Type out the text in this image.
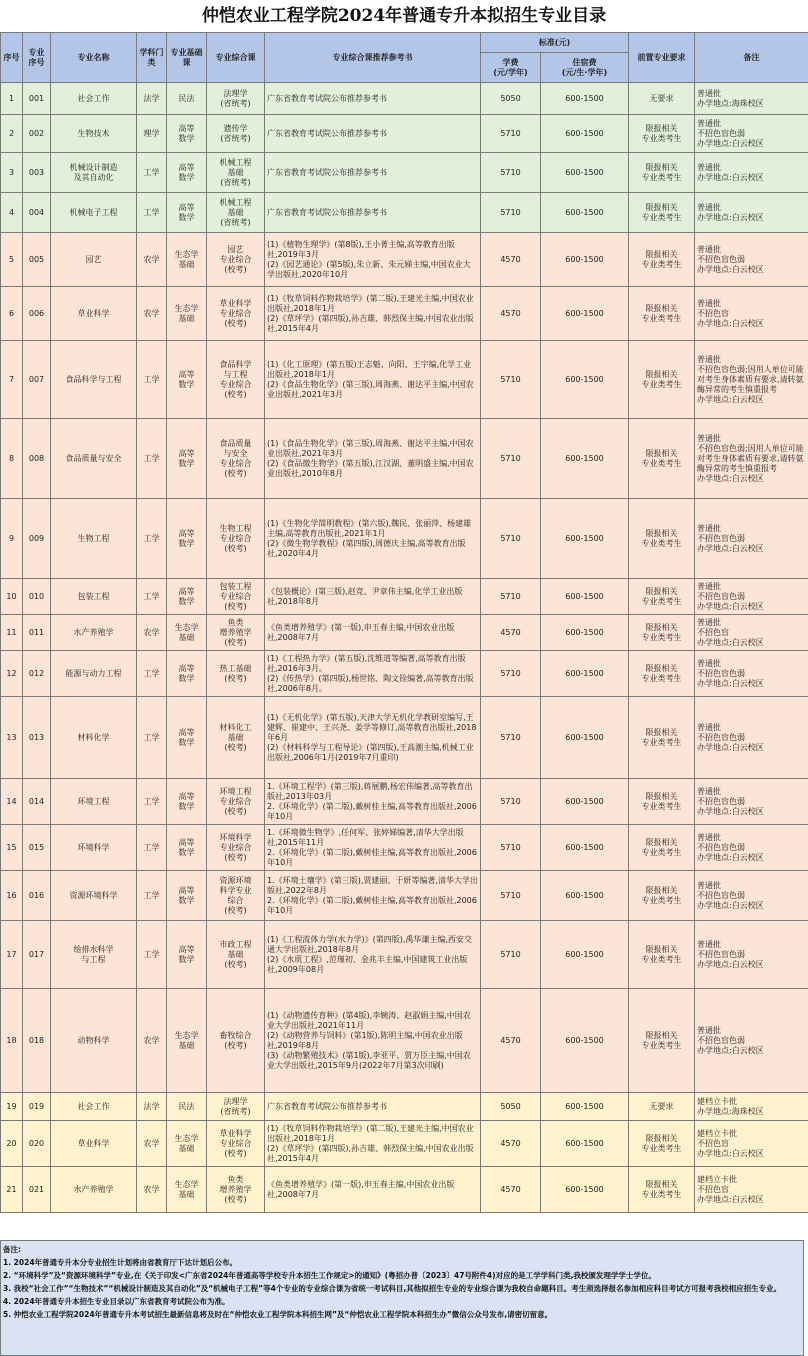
仲恺农业工程学院2024年普通专升本拟招生专业目录
序号	专业序号	专业名称	学科门类	专业基础课	专业综合课	专业综合课推荐参考书	标准(元)		前置专业要求	备注
							学费
(元/学年)	住宿费
(元/生·学年)		
1	001	社会工作	法学	民法	法理学
(省统考)	广东省教育考试院公布推荐参考书	5050	600-1500	无要求	普通批
办学地点:海珠校区
2	002	生物技术	理学	高等
数学	遗传学
(省统考)	广东省教育考试院公布推荐参考书	5710	600-1500	限报相关
专业类考生	普通批
不招色盲色弱
办学地点:白云校区
3	003	机械设计制造
及其自动化	工学	高等
数学	机械工程
基础
(省统考)	广东省教育考试院公布推荐参考书	5710	600-1500	限报相关
专业类考生	普通批
办学地点:白云校区
4	004	机械电子工程	工学	高等
数学	机械工程
基础
(省统考)	广东省教育考试院公布推荐参考书	5710	600-1500	限报相关
专业类考生	普通批
办学地点:白云校区
5	005	园艺	农学	生态学
基础	园艺
专业综合
(校考)	(1)《植物生理学》(第8版),王小菁主编,高等教育出版社,2019年3月
(2)《园艺通论》(第5版),朱立新、朱元娣主编,中国农业大学出版社,2020年10月	4570	600-1500	限报相关
专业类考生	普通批
不招色盲色弱
办学地点:白云校区
6	006	草业科学	农学	生态学
基础	草业科学
专业综合
(校考)	(1)《牧草饲料作物栽培学》(第二版),王建光主编,中国农业出版社,2018年1月
(2)《草坪学》(第四版),孙吉雄、韩烈保主编,中国农业出版社,2015年4月	4570	600-1500	限报相关
专业类考生	普通批
不招色盲
办学地点:白云校区
7	007	食品科学与工程	工学	高等
数学	食品科学
与工程
专业综合
(校考)	(1)《化工原理》(第五版)王志魁、向阳、王宇编,化学工业出版社,2018年1月
(2)《食品生物化学》(第三版),周海燕、谢达平主编,中国农业出版社,2021年3月	5710	600-1500	限报相关
专业类考生	普通批
不招色盲色弱;因用人单位可能对考生身体素质有要求,请转氨酶异常的考生慎重报考
办学地点:白云校区
8	008	食品质量与安全	工学	高等
数学	食品质量
与安全
专业综合
(校考)	(1)《食品生物化学》(第三版),周海燕、谢达平主编,中国农业出版社,2021年3月
(2)《食品微生物学》(第五版),江汉湖、董明盛主编,中国农业出版社,2010年8月	5710	600-1500	限报相关
专业类考生	普通批
不招色盲色弱;因用人单位可能对考生身体素质有要求,请转氨酶异常的考生慎重报考
办学地点:白云校区
9	009	生物工程	工学	高等
数学	生物工程
专业综合
(校考)	(1)《生物化学简明教程》(第六版),魏民、张丽萍、杨建雄主编,高等教育出版社,2021年1月
(2)《微生物学教程》(第四版),周德庆主编,高等教育出版社,2020年4月	5710	600-1500	限报相关
专业类考生	普通批
不招色盲色弱
办学地点:白云校区
10	010	包装工程	工学	高等
数学	包装工程
专业综合
(校考)	《包装概论》(第三版),赵竞、尹章伟主编,化学工业出版社,2018年8月	5710	600-1500	限报相关
专业类考生	普通批
不招色盲色弱
办学地点:白云校区
11	011	水产养殖学	农学	生态学
基础	鱼类
增养殖学
(校考)	《鱼类增养殖学》(第一版),申玉春主编,中国农业出版社,2008年7月	4570	600-1500	限报相关
专业类考生	普通批
不招色盲
办学地点:白云校区
12	012	能源与动力工程	工学	高等
数学	热工基础
(校考)	(1)《工程热力学》(第五版),沈维道等编著,高等教育出版社,2016年3月。
(2)《传热学》(第四版),杨世铭、陶文铨编著,高等教育出版社,2006年8月。	5710	600-1500	限报相关
专业类考生	普通批
不招色盲色弱
办学地点:白云校区
13	013	材料化学	工学	高等
数学	材料化工
基础
(校考)	(1)《无机化学》(第五版),天津大学无机化学教研室编写,王建辉、崔建中、王兴尧、姜学等修订,高等教育出版社,2018年6月
(2)《材料科学与工程导论》(第四版),王高潮主编,机械工业出版社,2006年1月(2019年7月重印)	5710	600-1500	限报相关
专业类考生	普通批
不招色盲色弱
办学地点:白云校区
14	014	环境工程	工学	高等
数学	环境工程
专业综合
(校考)	1.《环境工程学》(第三版),蒋展鹏,杨宏伟编著,高等教育出版社,2013年03月
2.《环境化学》(第二版),戴树桂主编,高等教育出版社,2006年10月	5710	600-1500	限报相关
专业类考生	普通批
不招色盲色弱
办学地点:白云校区
15	015	环境科学	工学	高等
数学	环境科学
专业综合
(校考)	1.《环境微生物学》,任何军、张婷娣编著,清华大学出版社,2015年11月
2.《环境化学》(第二版),戴树桂主编,高等教育出版社,2006年10月	5710	600-1500	限报相关
专业类考生	普通批
不招色盲色弱
办学地点:白云校区
16	016	资源环境科学	工学	高等
数学	资源环境
科学专业
综合
(校考)	1.《环境土壤学》(第三版),贾建丽、于妍等编著,清华大学出版社,2022年8月
2.《环境化学》(第二版),戴树桂主编,高等教育出版社,2006年10月	5710	600-1500	限报相关
专业类考生	普通批
不招色盲色弱
办学地点:白云校区
17	017	给排水科学
与工程	工学	高等
数学	市政工程
基础
(校考)	(1)《工程流体力学(水力学)》(第四版),禹华谦主编,西安交通大学出版社,2018年8月
(2)《水质工程》,范瑾初、金兆丰主编,中国建筑工业出版社,2009年08月	5710	600-1500	限报相关
专业类考生	普通批
不招色盲色弱
办学地点:白云校区
18	018	动物科学	农学	生态学
基础	畜牧综合
(校考)	(1)《动物遗传育种》(第4版),李婉涛、赵淑娟主编,中国农业大学出版社,2021年11月
(2)《动物营养与饲料》(第1版),陈明主编,中国农业出版社,2019年8月
(3)《动物繁殖技术》(第1版),李亚平、贾万臣主编,中国农业大学出版社,2015年9月(2022年7月第3次印刷)	4570	600-1500	限报相关
专业类考生	普通批
不招色盲色弱
办学地点:白云校区
19	019	社会工作	法学	民法	法理学
(省统考)	广东省教育考试院公布推荐参考书	5050	600-1500	无要求	建档立卡批
办学地点:海珠校区
20	020	草业科学	农学	生态学
基础	草业科学
专业综合
(校考)	(1)《牧草饲料作物栽培学》(第二版),王建光主编,中国农业出版社,2018年1月
(2)《草坪学》(第四版),孙吉雄、韩烈保主编,中国农业出版社,2015年4月	4570	600-1500	限报相关
专业类考生	建档立卡批
不招色盲
办学地点:白云校区
21	021	水产养殖学	农学	生态学
基础	鱼类
增养殖学
(校考)	《鱼类增养殖学》(第一版),申玉春主编,中国农业出版社,2008年7月	4570	600-1500	限报相关
专业类考生	建档立卡批
不招色盲
办学地点:白云校区
备注:
1. 2024年普通专升本分专业招生计划将由省教育厅下达计划后公布。
2. “环境科学”及“资源环境科学”专业,在《关于印发<广东省2024年普通高等学校专升本招生工作规定>的通知》(粤招办普〔2023〕47号附件4)对应的是工学学科门类,我校颁发理学学士学位。
3. 我校“社会工作”“生物技术”“机械设计制造及其自动化”及“机械电子工程”等4个专业的专业综合课为省统一考试科目,其他拟招生专业的专业综合课为我校自命题科目。考生须选择报名参加相应科目考试方可报考我校相应招生专业。
4. 2024年普通专升本招生专业目录以广东省教育考试院公布为准。
5. 仲恺农业工程学院2024年普通专升本考试招生最新信息将及时在“仲恺农业工程学院本科招生网”及“仲恺农业工程学院本科招生办”微信公众号发布,请密切留意。
